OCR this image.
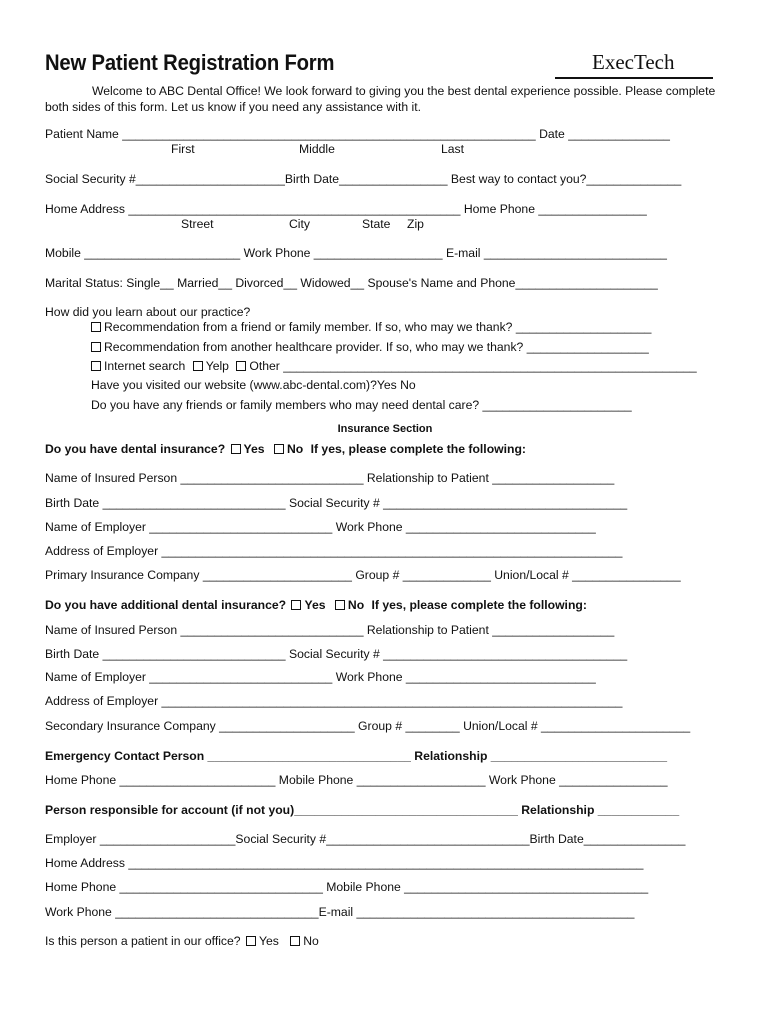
New Patient Registration Form	ExecTech
Welcome to ABC Dental Office! We look forward to giving you the best dental experience possible. Please complete both sides of this form. Let us know if you need any assistance with it.
Patient Name _____________________________________________________________ Date _______________
First	Middle	Last
Social Security #______________________Birth Date________________ Best way to contact you?______________
Home Address _________________________________________________ Home Phone ________________
Street	City	State Zip
Mobile _______________________ Work Phone ___________________ E-mail ___________________________
Marital Status: Single__ Married__ Divorced__ Widowed__ Spouse's Name and Phone_____________________
How did you learn about our practice?
Recommendation from a friend or family member. If so, who may we thank? ____________________
Recommendation from another healthcare provider. If so, who may we thank? __________________
Internet search Yelp Other _____________________________________________________________
Have you visited our website (www.abc-dental.com)?Yes No
Do you have any friends or family members who may need dental care? ______________________
Insurance Section
Do you have dental insurance? Yes No If yes, please complete the following:
Name of Insured Person ___________________________ Relationship to Patient __________________
Birth Date ___________________________ Social Security # ____________________________________
Name of Employer ___________________________ Work Phone ____________________________
Address of Employer ____________________________________________________________________
Primary Insurance Company ______________________ Group # _____________ Union/Local # ________________
Do you have additional dental insurance? Yes No If yes, please complete the following:
Name of Insured Person ___________________________ Relationship to Patient __________________
Birth Date ___________________________ Social Security # ____________________________________
Name of Employer ___________________________ Work Phone ____________________________
Address of Employer ____________________________________________________________________
Secondary Insurance Company ____________________ Group # ________ Union/Local # ______________________
Emergency Contact Person ______________________________ Relationship __________________________
Home Phone _______________________ Mobile Phone ___________________ Work Phone ________________
Person responsible for account (if not you)_________________________________ Relationship ____________
Employer ____________________Social Security #______________________________Birth Date_______________
Home Address ____________________________________________________________________________
Home Phone ______________________________ Mobile Phone ____________________________________
Work Phone ______________________________E-mail _________________________________________
Is this person a patient in our office? Yes No
